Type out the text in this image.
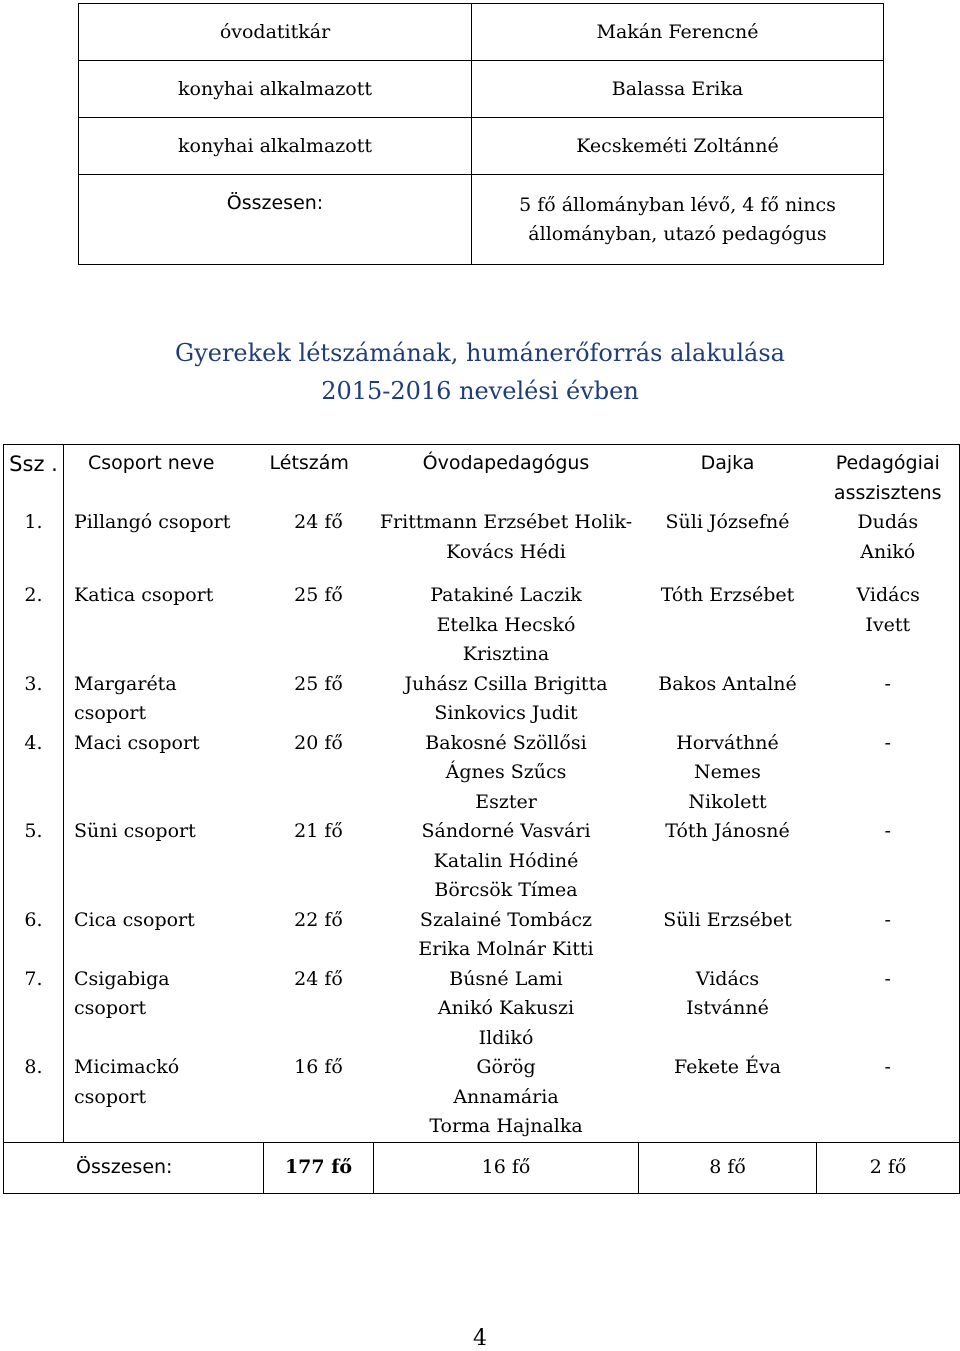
óvodatitkár	Makán Ferencné
konyhai alkalmazott	Balassa Erika
konyhai alkalmazott	Kecskeméti Zoltánné
Összesen:	5 fő állományban lévő, 4 fő nincs állományban, utazó pedagógus
Gyerekek létszámának, humánerőforrás alakulása
2015-2016 nevelési évben
Ssz .	Csoport neve	Létszám	Óvodapedagógus	Dajka	Pedagógiai asszisztens
1.	Pillangó csoport	24 fő	Frittmann Erzsébet Holik-Kovács Hédi	Süli Józsefné	Dudás Anikó
2.	Katica csoport	25 fő	Patakiné Laczik Etelka Hecskó Krisztina	Tóth Erzsébet	Vidács Ivett
3.	Margaréta csoport	25 fő	Juhász Csilla Brigitta Sinkovics Judit	Bakos Antalné	-
4.	Maci csoport	20 fő	Bakosné Szöllősi Ágnes Szűcs Eszter	Horváthné Nemes Nikolett	-
5.	Süni csoport	21 fő	Sándorné Vasvári Katalin Hódiné Börcsök Tímea	Tóth Jánosné	-
6.	Cica csoport	22 fő	Szalainé Tombácz Erika Molnár Kitti	Süli Erzsébet	-
7.	Csigabiga csoport	24 fő	Búsné Lami Anikó Kakuszi Ildikó	Vidács Istvánné	-
8.	Micimackó csoport	16 fő	Görög Annamária Torma Hajnalka	Fekete Éva	-
Összesen:		177 fő	16 fő	8 fő	2 fő
4
